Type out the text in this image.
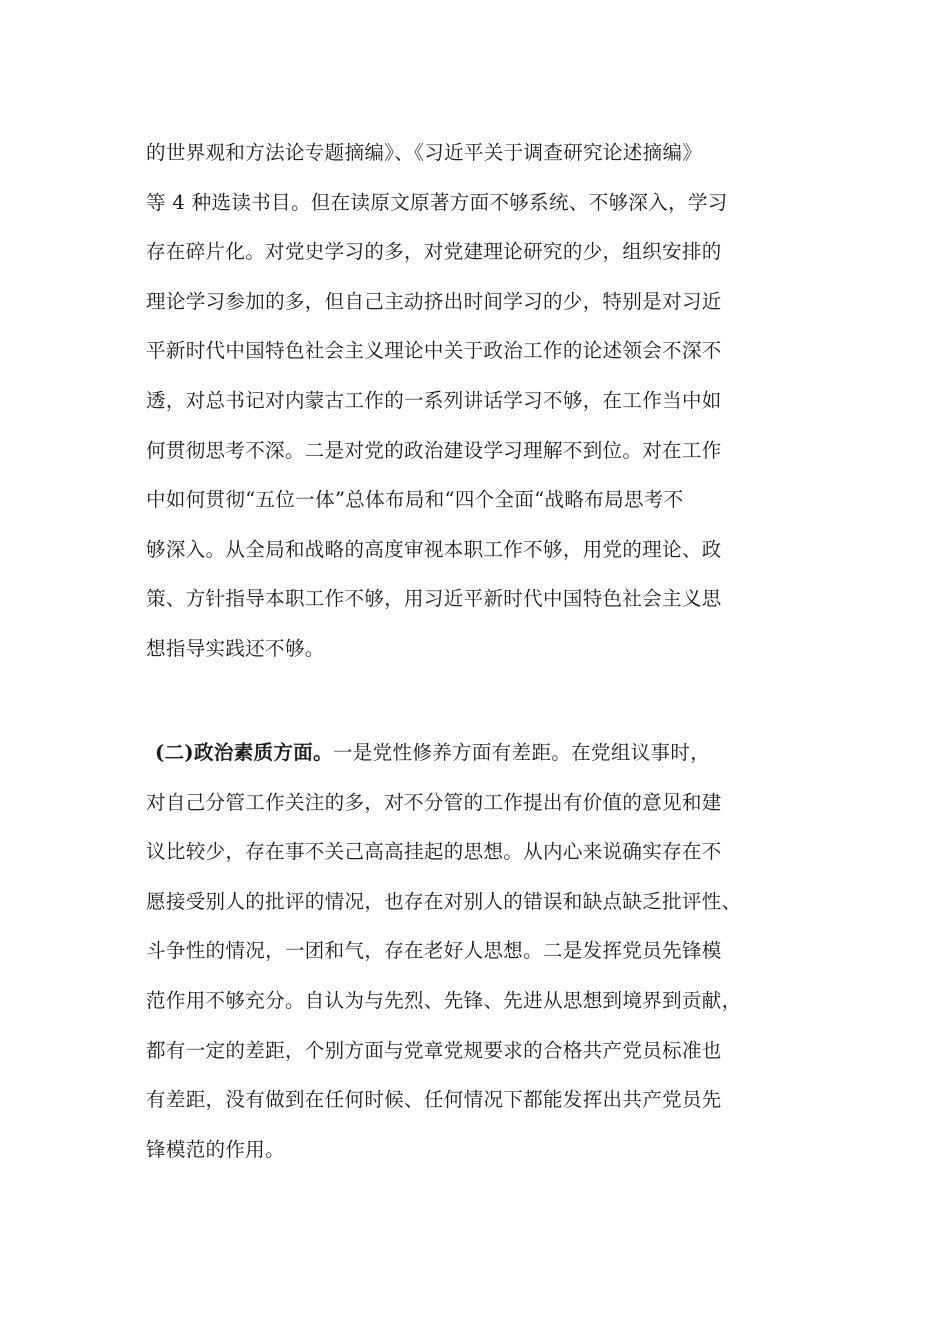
的世界观和方法论专题摘编》、《习近平关于调查研究论述摘编》
等 4 种选读书目。但在读原文原著方面不够系统、不够深入，学习
存在碎片化。对党史学习的多，对党建理论研究的少，组织安排的
理论学习参加的多，但自己主动挤出时间学习的少，特别是对习近
平新时代中国特色社会主义理论中关于政治工作的论述领会不深不
透，对总书记对内蒙古工作的一系列讲话学习不够，在工作当中如
何贯彻思考不深。二是对党的政治建设学习理解不到位。对在工作
中如何贯彻“五位一体”总体布局和“四个全面“战略布局思考不
够深入。从全局和战略的高度审视本职工作不够，用党的理论、政
策、方针指导本职工作不够，用习近平新时代中国特色社会主义思
想指导实践还不够。
(二)政治素质方面。一是党性修养方面有差距。在党组议事时，
对自己分管工作关注的多，对不分管的工作提出有价值的意见和建
议比较少，存在事不关己高高挂起的思想。从内心来说确实存在不
愿接受别人的批评的情况，也存在对别人的错误和缺点缺乏批评性、
斗争性的情况，一团和气，存在老好人思想。二是发挥党员先锋模
范作用不够充分。自认为与先烈、先锋、先进从思想到境界到贡献，
都有一定的差距，个别方面与党章党规要求的合格共产党员标准也
有差距，没有做到在任何时候、任何情况下都能发挥出共产党员先
锋模范的作用。
